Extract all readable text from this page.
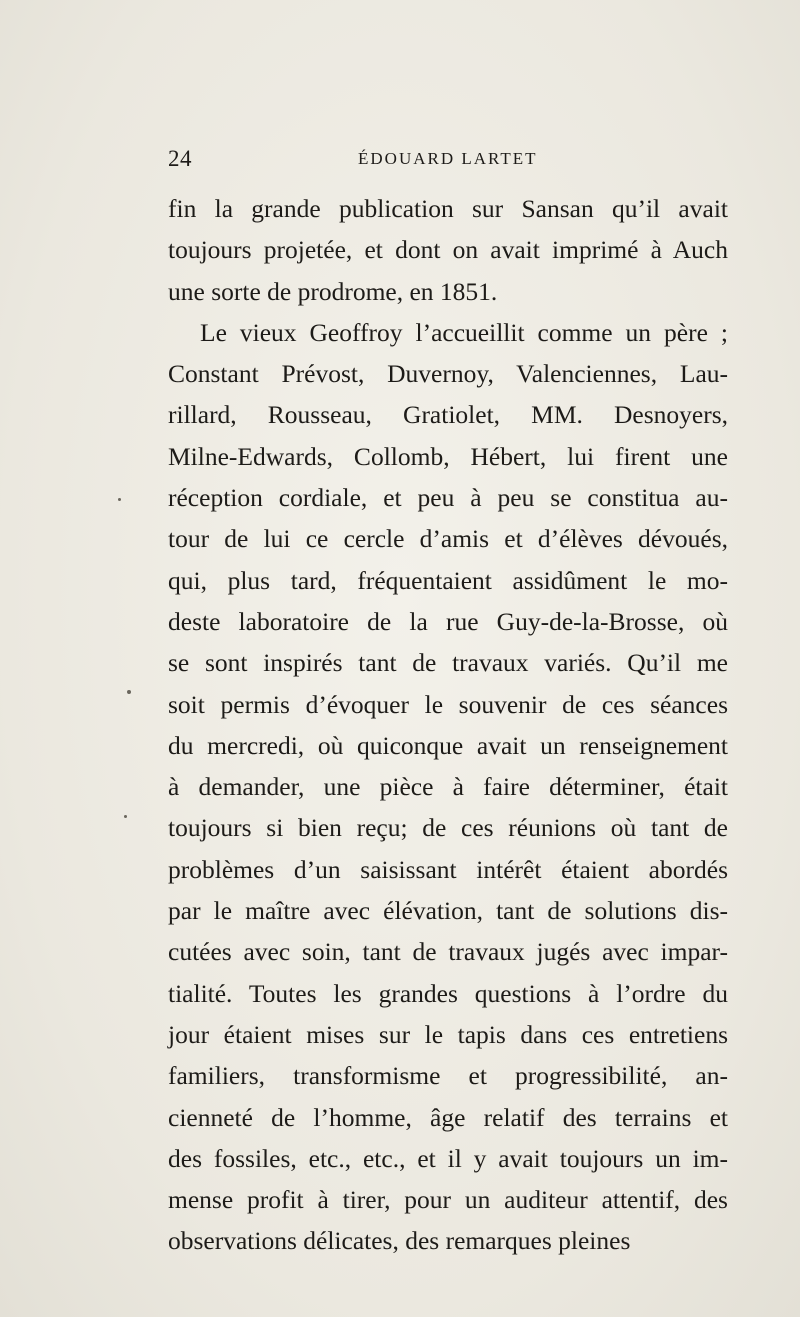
24	ÉDOUARD LARTET
fin la grande publication sur Sansan qu’il avait
toujours projetée, et dont on avait imprimé à Auch
une sorte de prodrome, en 1851.
Le vieux Geoffroy l’accueillit comme un père ;
Constant Prévost, Duvernoy, Valenciennes, Lau-
rillard, Rousseau, Gratiolet, MM. Desnoyers,
Milne-Edwards, Collomb, Hébert, lui firent une
réception cordiale, et peu à peu se constitua au-
tour de lui ce cercle d’amis et d’élèves dévoués,
qui, plus tard, fréquentaient assidûment le mo-
deste laboratoire de la rue Guy-de-la-Brosse, où
se sont inspirés tant de travaux variés. Qu’il me
soit permis d’évoquer le souvenir de ces séances
du mercredi, où quiconque avait un renseignement
à demander, une pièce à faire déterminer, était
toujours si bien reçu; de ces réunions où tant de
problèmes d’un saisissant intérêt étaient abordés
par le maître avec élévation, tant de solutions dis-
cutées avec soin, tant de travaux jugés avec impar-
tialité. Toutes les grandes questions à l’ordre du
jour étaient mises sur le tapis dans ces entretiens
familiers, transformisme et progressibilité, an-
cienneté de l’homme, âge relatif des terrains et
des fossiles, etc., etc., et il y avait toujours un im-
mense profit à tirer, pour un auditeur attentif, des
observations délicates, des remarques pleines
